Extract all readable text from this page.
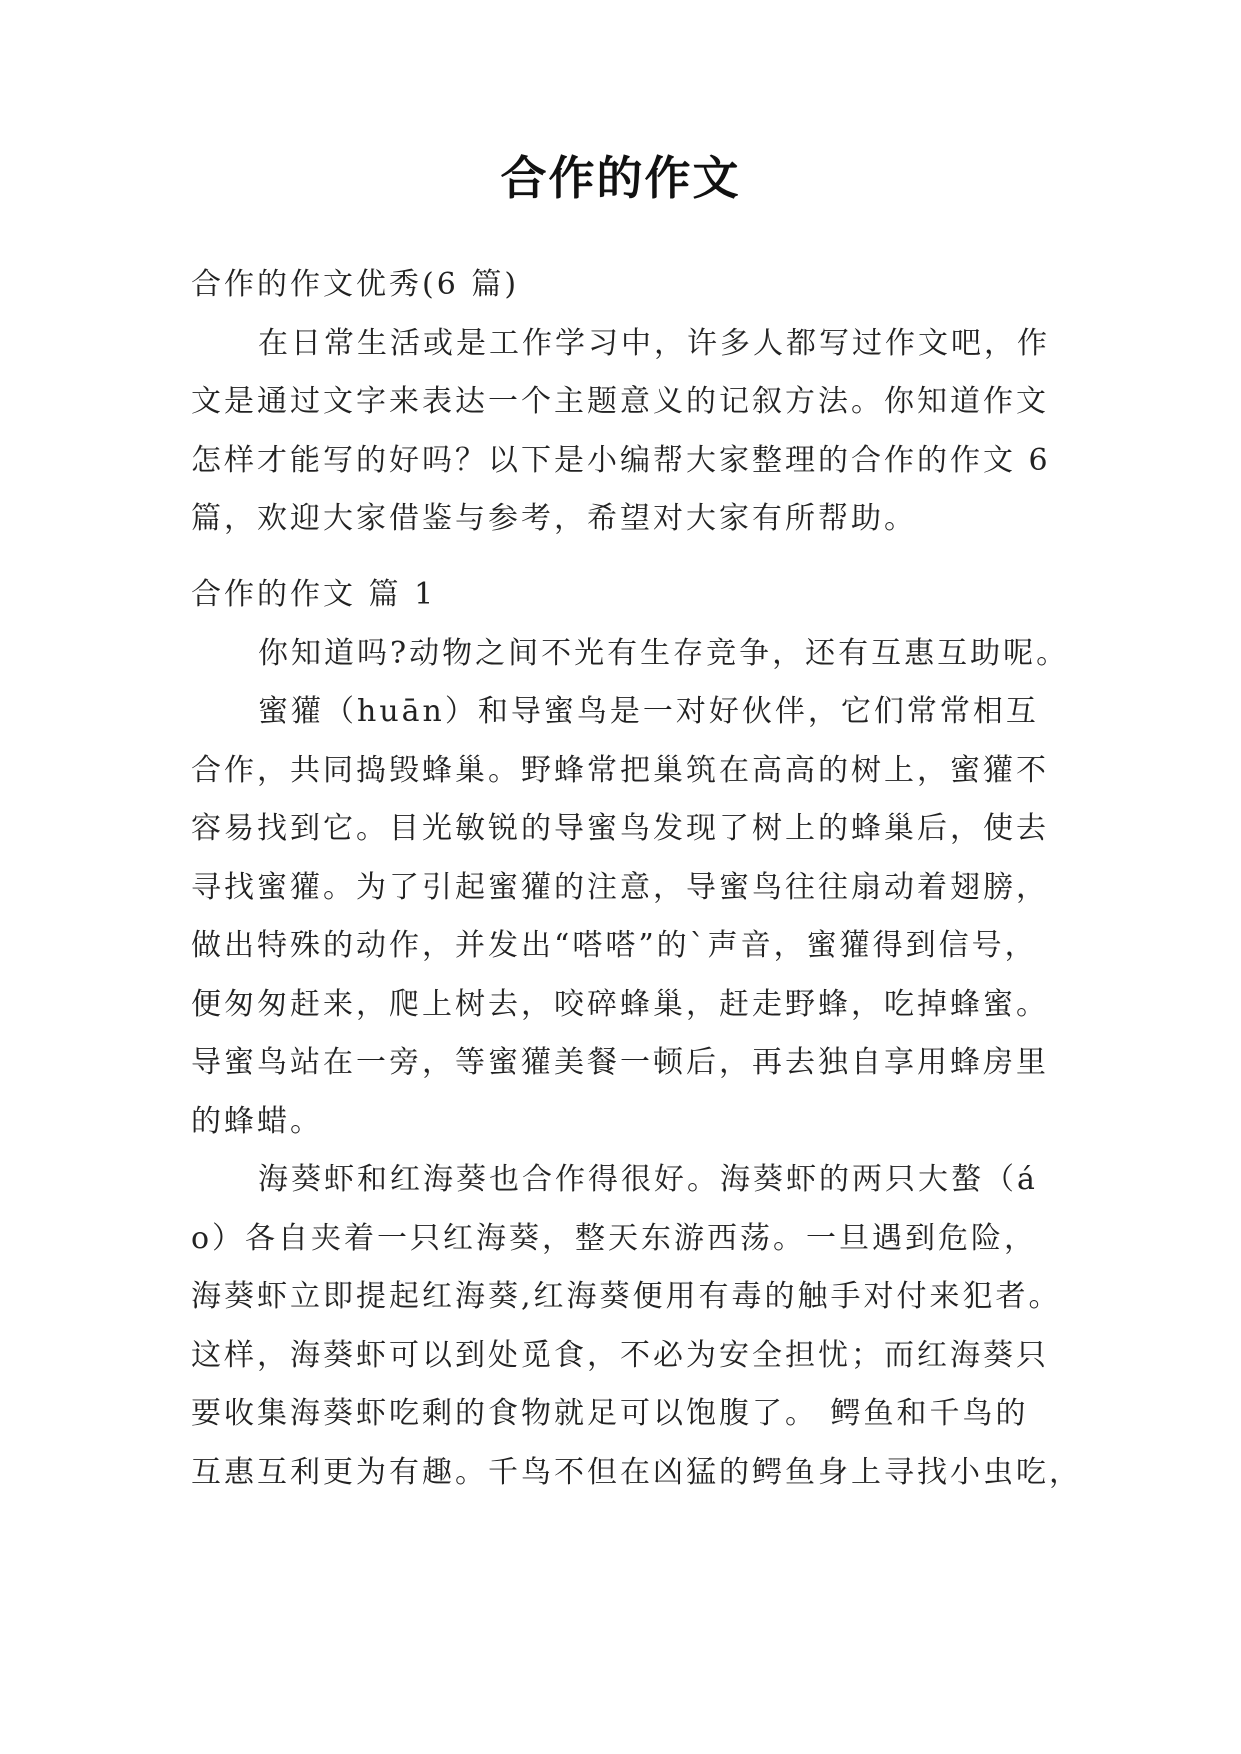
合作的作文
合作的作文优秀(6 篇)
在日常生活或是工作学习中，许多人都写过作文吧，作
文是通过文字来表达一个主题意义的记叙方法。你知道作文
怎样才能写的好吗？以下是小编帮大家整理的合作的作文 6
篇，欢迎大家借鉴与参考，希望对大家有所帮助。
合作的作文 篇 1
你知道吗?动物之间不光有生存竞争，还有互惠互助呢。
蜜獾（huān）和导蜜鸟是一对好伙伴，它们常常相互
合作，共同捣毁蜂巢。野蜂常把巢筑在高高的树上，蜜獾不
容易找到它。目光敏锐的导蜜鸟发现了树上的蜂巢后，使去
寻找蜜獾。为了引起蜜獾的注意，导蜜鸟往往扇动着翅膀，
做出特殊的动作，并发出“嗒嗒”的`声音，蜜獾得到信号，
便匆匆赶来，爬上树去，咬碎蜂巢，赶走野蜂，吃掉蜂蜜。
导蜜鸟站在一旁，等蜜獾美餐一顿后，再去独自享用蜂房里
的蜂蜡。
海葵虾和红海葵也合作得很好。海葵虾的两只大螯（á
o）各自夹着一只红海葵，整天东游西荡。一旦遇到危险，
海葵虾立即提起红海葵,红海葵便用有毒的触手对付来犯者。
这样，海葵虾可以到处觅食，不必为安全担忧；而红海葵只
要收集海葵虾吃剩的食物就足可以饱腹了。 鳄鱼和千鸟的
互惠互利更为有趣。千鸟不但在凶猛的鳄鱼身上寻找小虫吃，
